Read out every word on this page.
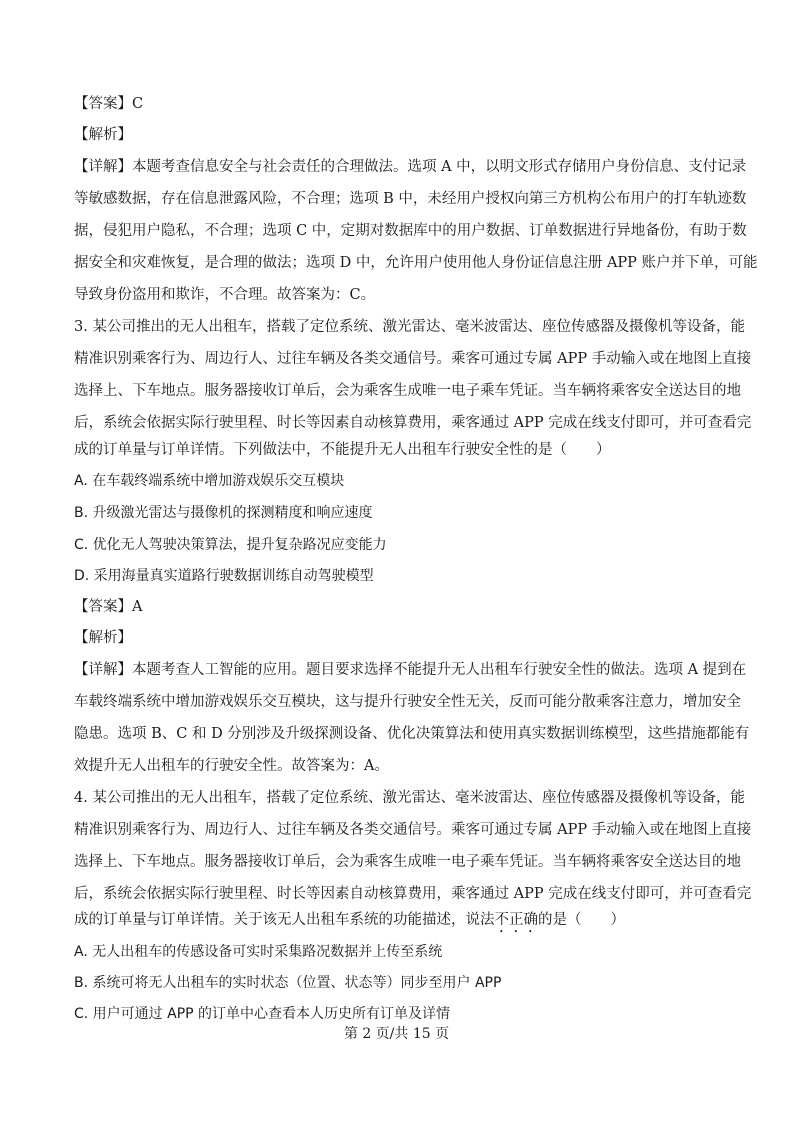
【答案】C
【解析】
【详解】本题考查信息安全与社会责任的合理做法。选项 A 中，以明文形式存储用户身份信息、支付记录
等敏感数据，存在信息泄露风险，不合理；选项 B 中，未经用户授权向第三方机构公布用户的打车轨迹数
据，侵犯用户隐私，不合理；选项 C 中，定期对数据库中的用户数据、订单数据进行异地备份，有助于数
据安全和灾难恢复，是合理的做法；选项 D 中，允许用户使用他人身份证信息注册 APP 账户并下单，可能
导致身份盗用和欺诈，不合理。故答案为：C。
3. 某公司推出的无人出租车，搭载了定位系统、激光雷达、毫米波雷达、座位传感器及摄像机等设备，能
精准识别乘客行为、周边行人、过往车辆及各类交通信号。乘客可通过专属 APP 手动输入或在地图上直接
选择上、下车地点。服务器接收订单后，会为乘客生成唯一电子乘车凭证。当车辆将乘客安全送达目的地
后，系统会依据实际行驶里程、时长等因素自动核算费用，乘客通过 APP 完成在线支付即可，并可查看完
成的订单量与订单详情。下列做法中，不能提升无人出租车行驶安全性的是（　　）
A. 在车载终端系统中增加游戏娱乐交互模块
B. 升级激光雷达与摄像机的探测精度和响应速度
C. 优化无人驾驶决策算法，提升复杂路况应变能力
D. 采用海量真实道路行驶数据训练自动驾驶模型
【答案】A
【解析】
【详解】本题考查人工智能的应用。题目要求选择不能提升无人出租车行驶安全性的做法。选项 A 提到在
车载终端系统中增加游戏娱乐交互模块，这与提升行驶安全性无关，反而可能分散乘客注意力，增加安全
隐患。选项 B、C 和 D 分别涉及升级探测设备、优化决策算法和使用真实数据训练模型，这些措施都能有
效提升无人出租车的行驶安全性。故答案为：A。
4. 某公司推出的无人出租车，搭载了定位系统、激光雷达、毫米波雷达、座位传感器及摄像机等设备，能
精准识别乘客行为、周边行人、过往车辆及各类交通信号。乘客可通过专属 APP 手动输入或在地图上直接
选择上、下车地点。服务器接收订单后，会为乘客生成唯一电子乘车凭证。当车辆将乘客安全送达目的地
后，系统会依据实际行驶里程、时长等因素自动核算费用，乘客通过 APP 完成在线支付即可，并可查看完
成的订单量与订单详情。关于该无人出租车系统的功能描述，说法不正确的是（　　）
A. 无人出租车的传感设备可实时采集路况数据并上传至系统
B. 系统可将无人出租车的实时状态（位置、状态等）同步至用户 APP
C. 用户可通过 APP 的订单中心查看本人历史所有订单及详情
第 2 页/共 15 页
